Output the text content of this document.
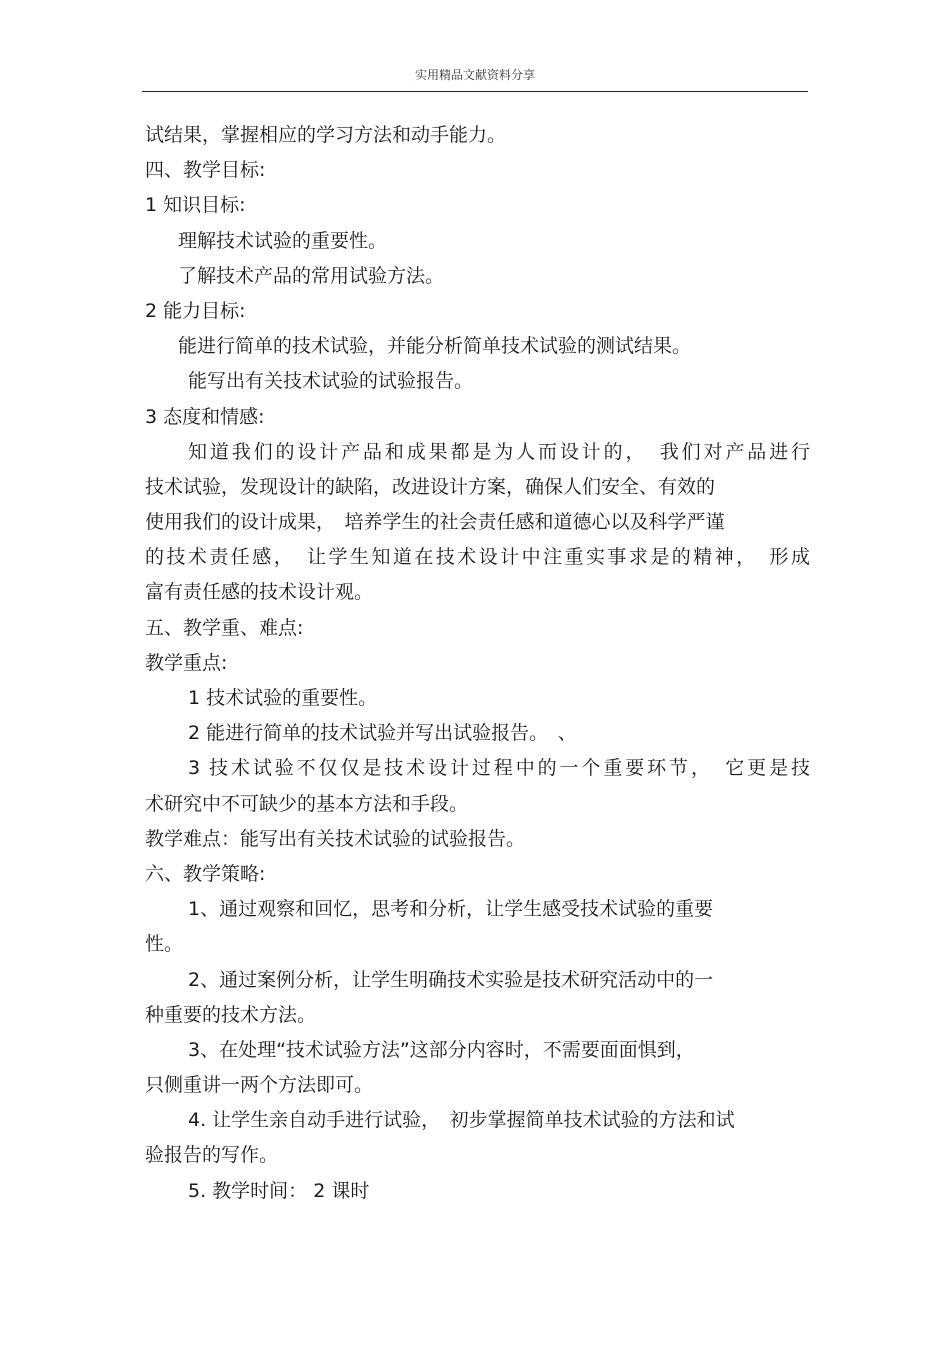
实用精品文献资料分享
试结果，掌握相应的学习方法和动手能力。
四、教学目标:
1 知识目标:
理解技术试验的重要性。
了解技术产品的常用试验方法。
2 能力目标:
能进行简单的技术试验，并能分析简单技术试验的测试结果。
能写出有关技术试验的试验报告。
3 态度和情感:
知道我们的设计产品和成果都是为人而设计的，　我们对产品进行
技术试验，发现设计的缺陷，改进设计方案，确保人们安全、有效的
使用我们的设计成果，　培养学生的社会责任感和道德心以及科学严谨
的技术责任感，　让学生知道在技术设计中注重实事求是的精神，　形成
富有责任感的技术设计观。
五、教学重、难点:
教学重点:
1 技术试验的重要性。
2 能进行简单的技术试验并写出试验报告。　、
3 技术试验不仅仅是技术设计过程中的一个重要环节，　它更是技
术研究中不可缺少的基本方法和手段。
教学难点：能写出有关技术试验的试验报告。
六、教学策略:
1、通过观察和回忆，思考和分析，让学生感受技术试验的重要
性。
2、通过案例分析，让学生明确技术实验是技术研究活动中的一
种重要的技术方法。
3、在处理“技术试验方法”这部分内容时，不需要面面惧到，
只侧重讲一两个方法即可。
4. 让学生亲自动手进行试验，　初步掌握简单技术试验的方法和试
验报告的写作。
5. 教学时间： 2 课时
